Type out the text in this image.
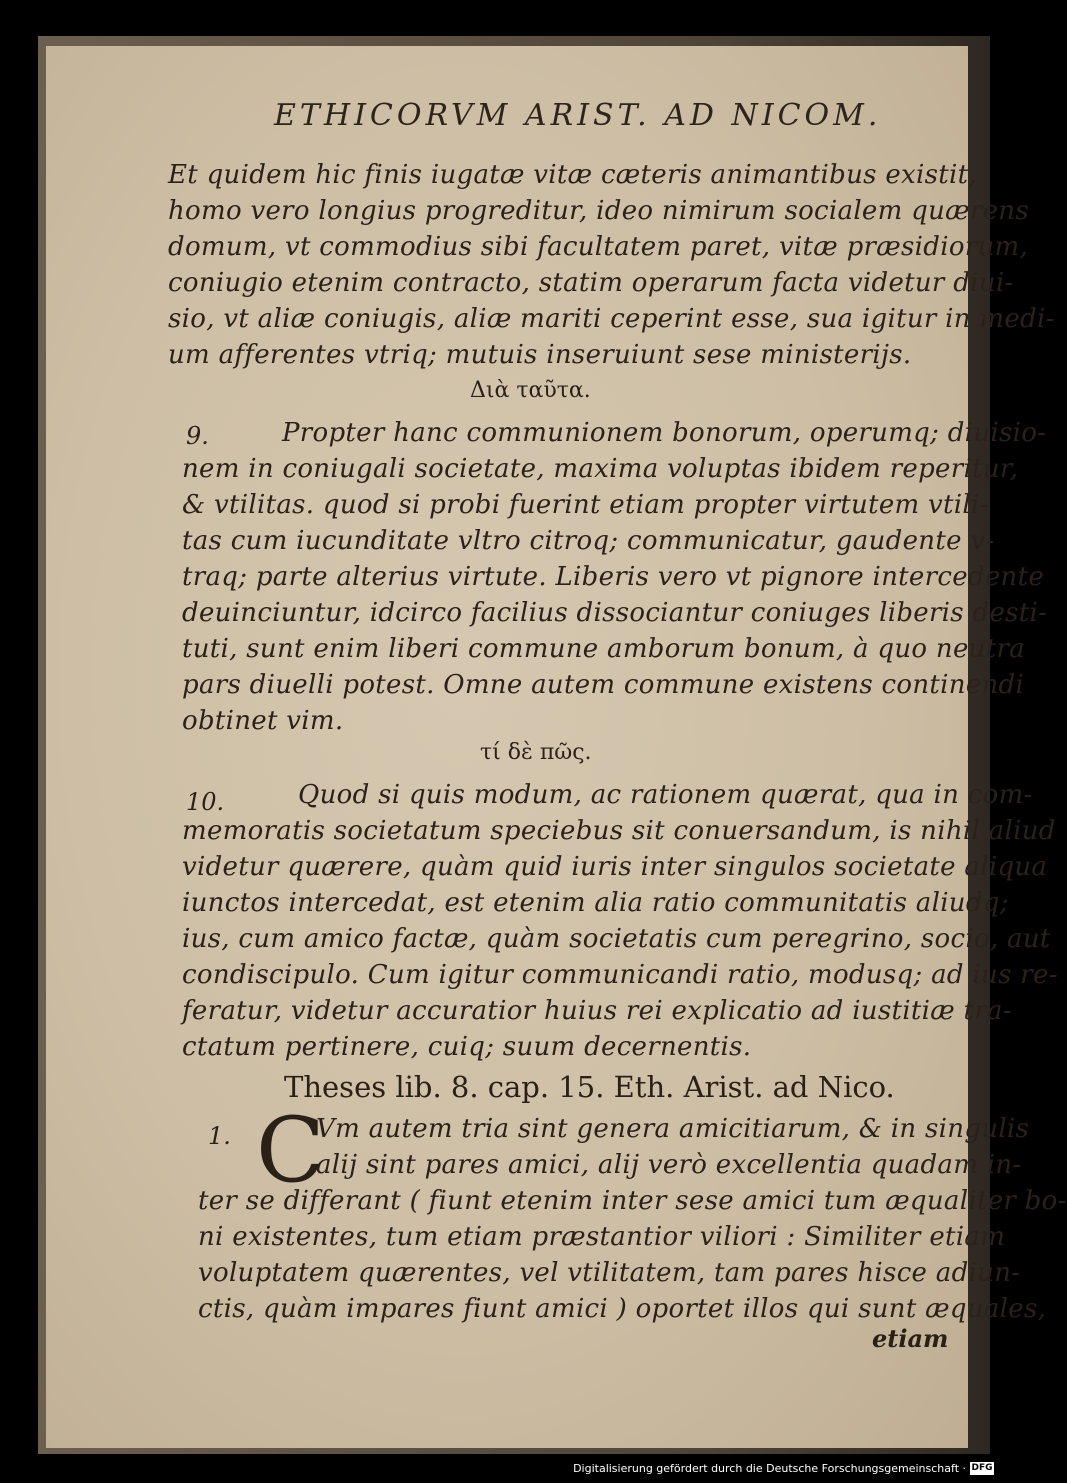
ETHICORVM ARIST. AD NICOM.
Et quidem hic finis iugatæ vitæ cæteris animantibus existit,
homo vero longius progreditur, ideo nimirum socialem quærens
domum, vt commodius sibi facultatem paret, vitæ præsidiorum,
coniugio etenim contracto, statim operarum facta videtur diui-
sio, vt aliæ coniugis, aliæ mariti ceperint esse, sua igitur in medi-
um afferentes vtriq; mutuis inseruiunt sese ministerijs.
Διὰ ταῦτα.
9.	Propter hanc communionem bonorum, operumq; diuisio-
nem in coniugali societate, maxima voluptas ibidem reperitur,
& vtilitas. quod si probi fuerint etiam propter virtutem vtili-
tas cum iucunditate vltro citroq; communicatur, gaudente v-
traq; parte alterius virtute. Liberis vero vt pignore intercedente
deuinciuntur, idcirco facilius dissociantur coniuges liberis desti-
tuti, sunt enim liberi commune amborum bonum, à quo neutra
pars diuelli potest. Omne autem commune existens continendi
obtinet vim.
τί δὲ πῶς.
10.	Quod si quis modum, ac rationem quærat, qua in com-
memoratis societatum speciebus sit conuersandum, is nihil aliud
videtur quærere, quàm quid iuris inter singulos societate aliqua
iunctos intercedat, est etenim alia ratio communitatis aliudq;
ius, cum amico factæ, quàm societatis cum peregrino, socio, aut
condiscipulo. Cum igitur communicandi ratio, modusq; ad ius re-
feratur, videtur accuratior huius rei explicatio ad iustitiæ tra-
ctatum pertinere, cuiq; suum decernentis.
Theses lib. 8. cap. 15. Eth. Arist. ad Nico.
1. C
Vm autem tria sint genera amicitiarum, & in singulis
alij sint pares amici, alij verò excellentia quadam in-
ter se differant ( fiunt etenim inter sese amici tum æqualiter bo-
ni existentes, tum etiam præstantior viliori : Similiter etiam
voluptatem quærentes, vel vtilitatem, tam pares hisce adiun-
ctis, quàm impares fiunt amici ) oportet illos qui sunt æquales,
etiam
Digitalisierung gefördert durch die Deutsche Forschungsgemeinschaft · DFG
